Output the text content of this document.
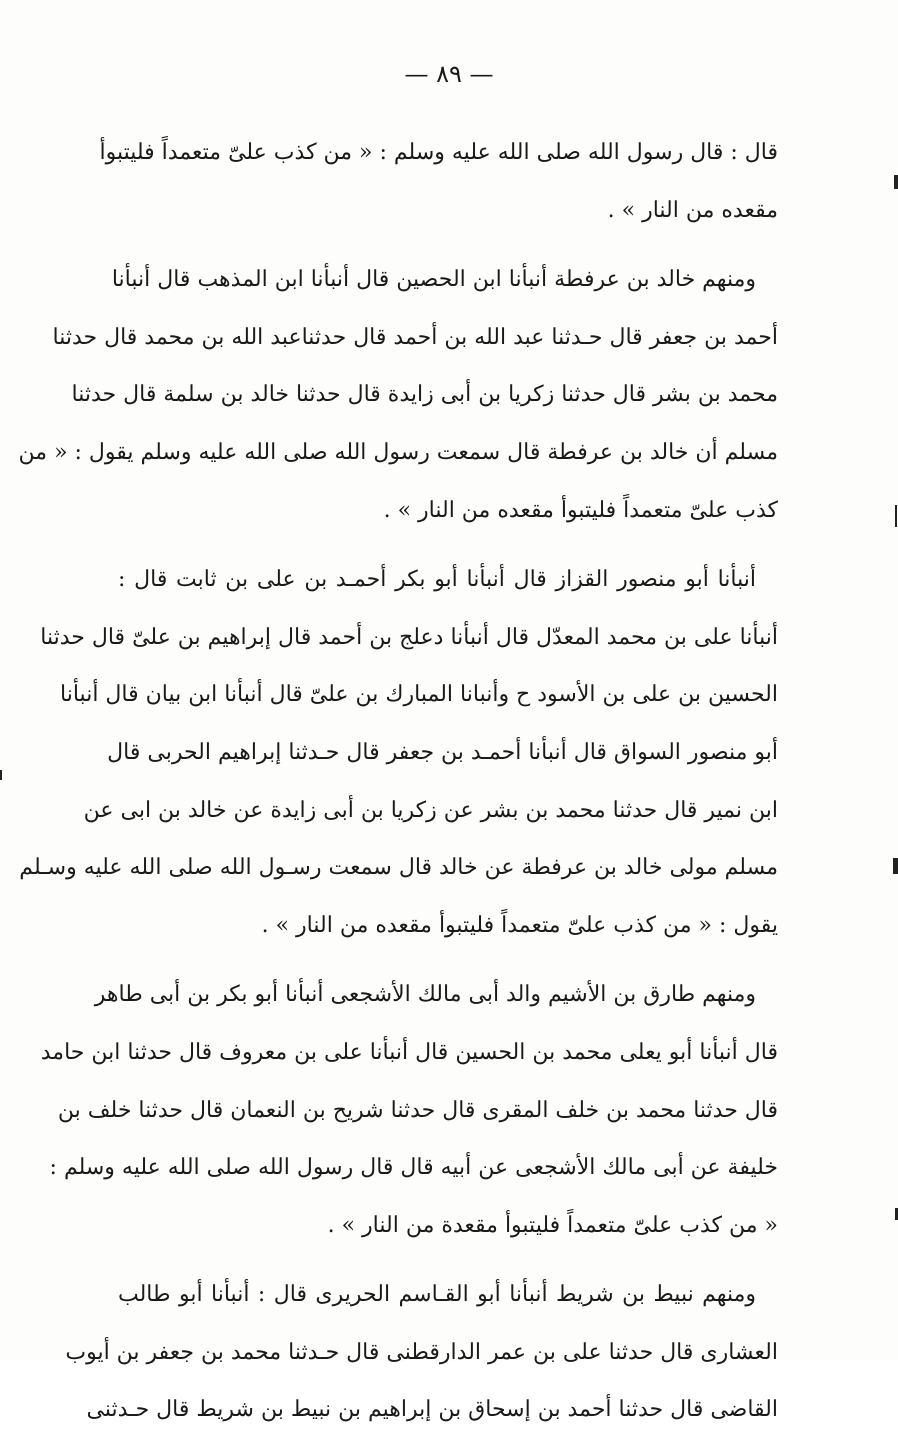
— ٨٩ —

قال : قال رسول الله صلى الله عليه وسلم : « من كذب علىّ متعمداً فليتبوأ
مقعده من النار » .

ومنهم خالد بن عرفطة أنبأنا ابن الحصين قال أنبأنا ابن المذهب قال أنبأنا
أحمد بن جعفر قال حـدثنا عبد الله بن أحمد قال حدثناعبد الله بن محمد قال حدثنا
محمد بن بشر قال حدثنا زكريا بن أبى زايدة قال حدثنا خالد بن سلمة قال حدثنا
مسلم أن خالد بن عرفطة قال سمعت رسول الله صلى الله عليه وسلم يقول : « من
كذب علىّ متعمداً فليتبوأ مقعده من النار » .

أنبأنا أبو منصور القزاز قال أنبأنا أبو بكر أحمـد بن على بن ثابت قال :
أنبأنا على بن محمد المعدّل قال أنبأنا دعلج بن أحمد قال إبراهيم بن علىّ قال حدثنا
الحسين بن على بن الأسود ح وأنبانا المبارك بن علىّ قال أنبأنا ابن بيان قال أنبأنا
أبو منصور السواق قال أنبأنا أحمـد بن جعفر قال حـدثنا إبراهيم الحربى قال
ابن نمير قال حدثنا محمد بن بشر عن زكريا بن أبى زايدة عن خالد بن ابى عن
مسلم مولى خالد بن عرفطة عن خالد قال سمعت رسـول الله صلى الله عليه وسـلم
يقول : « من كذب علىّ متعمداً فليتبوأ مقعده من النار » .

ومنهم طارق بن الأشيم والد أبى مالك الأشجعى أنبأنا أبو بكر بن أبى طاهر
قال أنبأنا أبو يعلى محمد بن الحسين قال أنبأنا على بن معروف قال حدثنا ابن حامد
قال حدثنا محمد بن خلف المقرى قال حدثنا شريح بن النعمان قال حدثنا خلف بن
خليفة عن أبى مالك الأشجعى عن أبيه قال قال رسول الله صلى الله عليه وسلم :
« من كذب علىّ متعمداً فليتبوأ مقعدة من النار » .

ومنهم نبيط بن شريط أنبأنا أبو القـاسم الحريرى قال : أنبأنا أبو طالب
العشارى قال حدثنا على بن عمر الدارقطنى قال حـدثنا محمد بن جعفر بن أيوب
القاضى قال حدثنا أحمد بن إسحاق بن إبراهيم بن نبيط بن شريط قال حـدثنى
